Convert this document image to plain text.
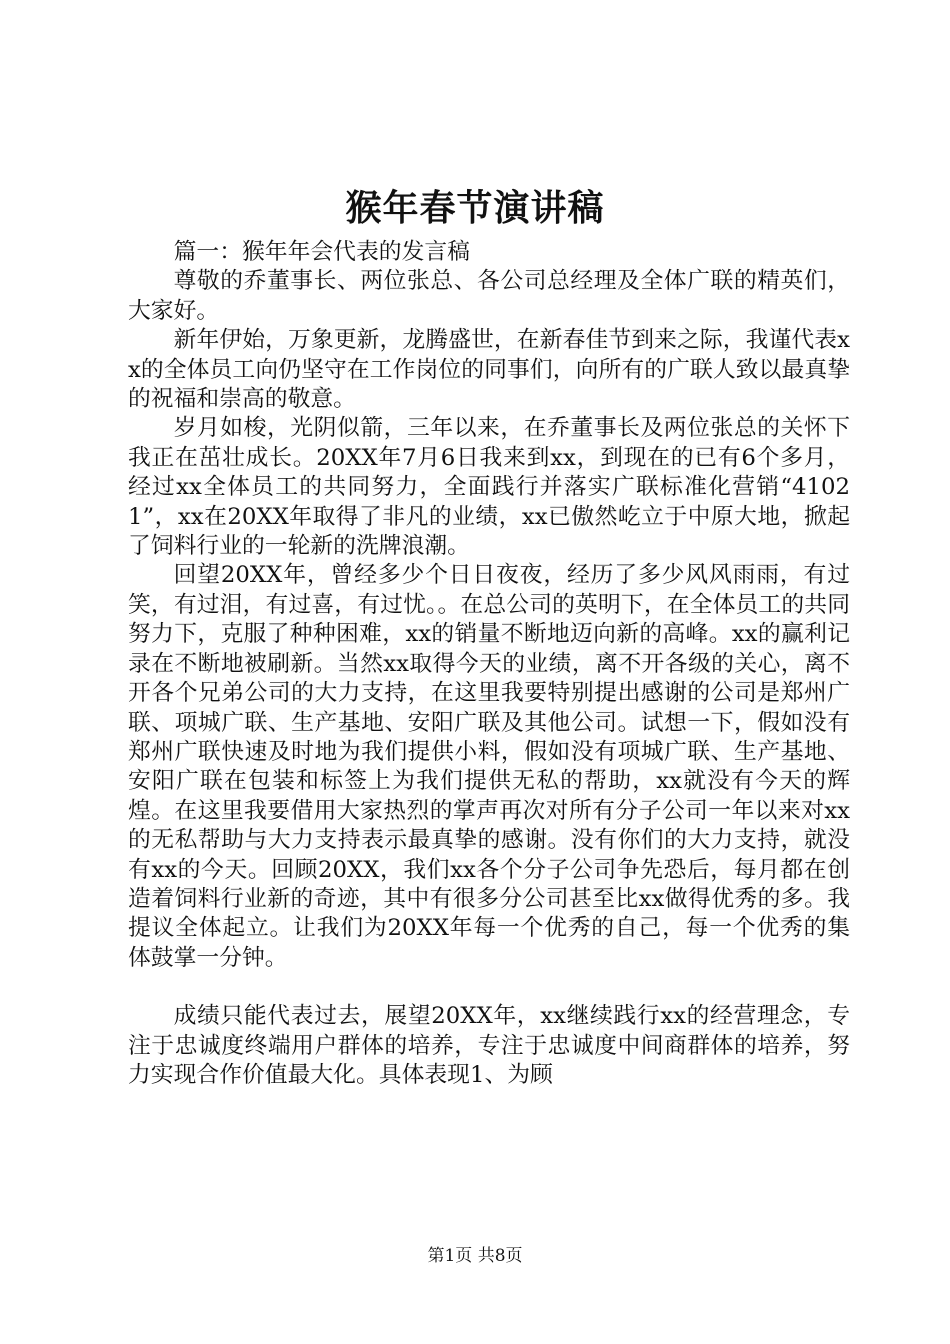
猴年春节演讲稿

篇一：猴年年会代表的发言稿

尊敬的乔董事长、两位张总、各公司总经理及全体广联的精英们，大家好。

新年伊始，万象更新，龙腾盛世，在新春佳节到来之际，我谨代表xx的全体员工向仍坚守在工作岗位的同事们，向所有的广联人致以最真挚的祝福和崇高的敬意。

岁月如梭，光阴似箭，三年以来，在乔董事长及两位张总的关怀下我正在茁壮成长。20XX年7月6日我来到xx，到现在的已有6个多月，经过xx全体员工的共同努力，全面践行并落实广联标准化营销“41021”，xx在20XX年取得了非凡的业绩，xx已傲然屹立于中原大地，掀起了饲料行业的一轮新的洗牌浪潮。

回望20XX年，曾经多少个日日夜夜，经历了多少风风雨雨，有过笑，有过泪，有过喜，有过忧。。在总公司的英明下，在全体员工的共同努力下，克服了种种困难，xx的销量不断地迈向新的高峰。xx的赢利记录在不断地被刷新。当然xx取得今天的业绩，离不开各级的关心，离不开各个兄弟公司的大力支持，在这里我要特别提出感谢的公司是郑州广联、项城广联、生产基地、安阳广联及其他公司。试想一下，假如没有郑州广联快速及时地为我们提供小料，假如没有项城广联、生产基地、安阳广联在包装和标签上为我们提供无私的帮助，xx就没有今天的辉煌。在这里我要借用大家热烈的掌声再次对所有分子公司一年以来对xx的无私帮助与大力支持表示最真挚的感谢。没有你们的大力支持，就没有xx的今天。回顾20XX，我们xx各个分子公司争先恐后，每月都在创造着饲料行业新的奇迹，其中有很多分公司甚至比xx做得优秀的多。我提议全体起立。让我们为20XX年每一个优秀的自己，每一个优秀的集体鼓掌一分钟。

成绩只能代表过去，展望20XX年，xx继续践行xx的经营理念，专注于忠诚度终端用户群体的培养，专注于忠诚度中间商群体的培养，努力实现合作价值最大化。具体表现1、为顾

第1页 共8页
